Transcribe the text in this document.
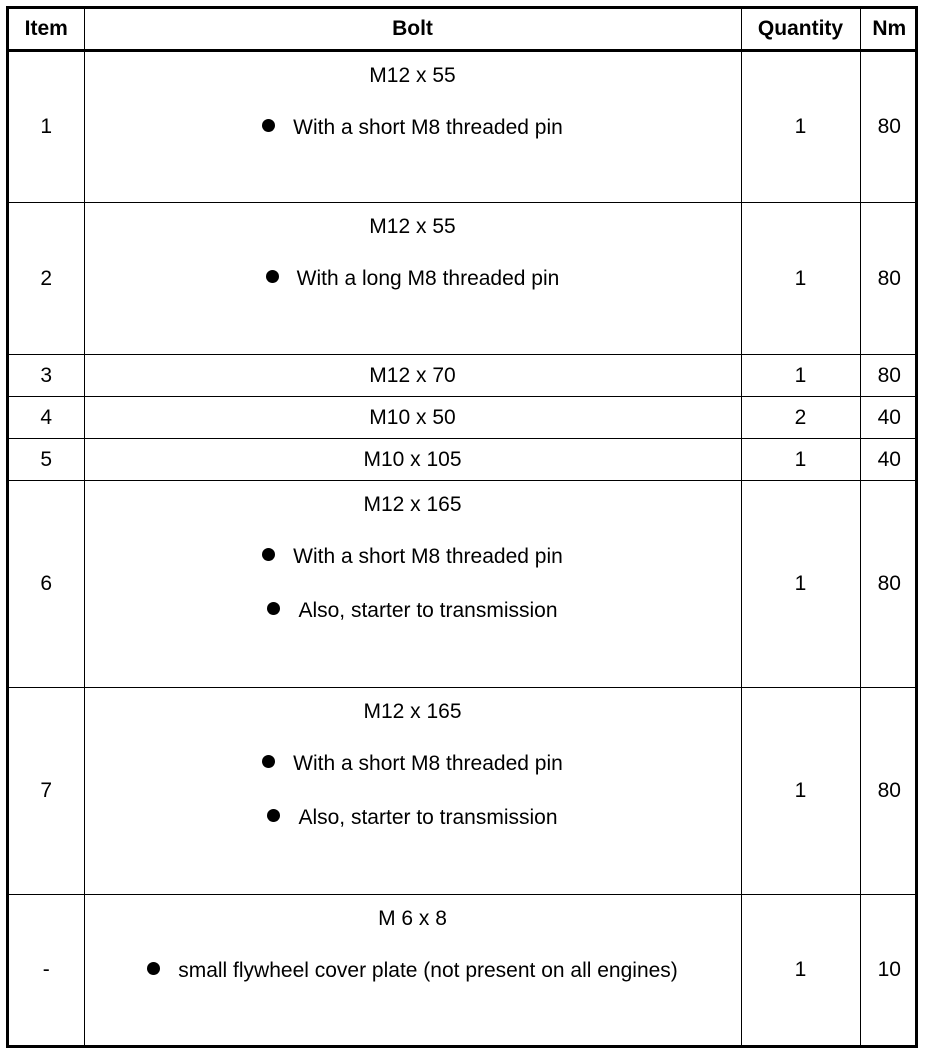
Item	Bolt	Quantity	Nm
1	M12 x 55
With a short M8 threaded pin	1	80
2	M12 x 55
With a long M8 threaded pin	1	80
3	M12 x 70	1	80
4	M10 x 50	2	40
5	M10 x 105	1	40
6	M12 x 165
With a short M8 threaded pin
Also, starter to transmission	1	80
7	M12 x 165
With a short M8 threaded pin
Also, starter to transmission	1	80
-	M 6 x 8
small flywheel cover plate (not present on all engines)	1	10
